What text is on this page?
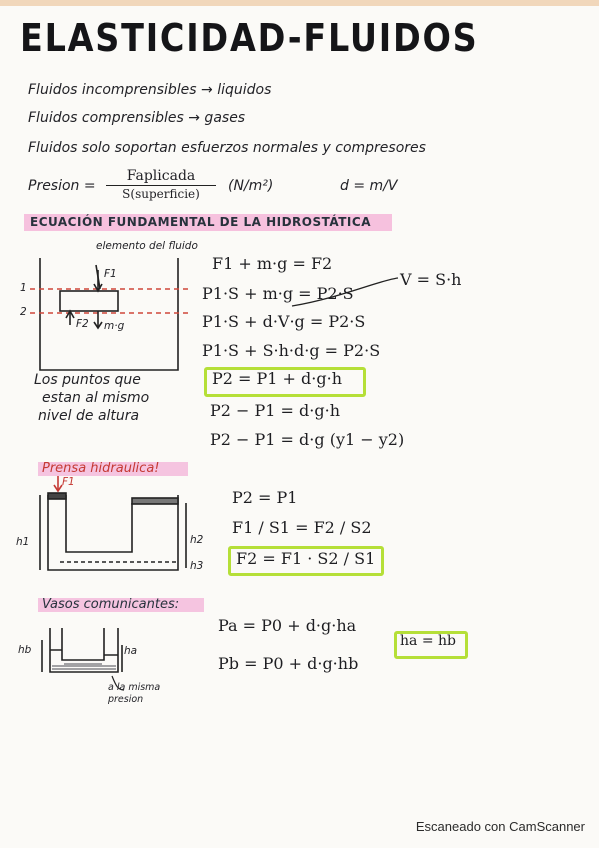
ELASTICIDAD-FLUIDOS
Fluidos incomprensibles → liquidos
Fluidos comprensibles → gases
Fluidos solo soportan esfuerzos normales y compresores
Presion =
Faplicada
S(superficie)	(N/m²)	d = m/V
ECUACIÓN FUNDAMENTAL DE LA HIDROSTÁTICA
elemento del fluido
F1
F2 m·g
1
2
Los puntos que
estan al mismo
nivel de altura
F1 + m·g = F2
P1·S + m·g = P2·S
V = S·h
P1·S + d·V·g = P2·S
P1·S + S·h·d·g = P2·S
P2 = P1 + d·g·h
P2 − P1 = d·g·h
P2 − P1 = d·g (y1 − y2)
Prensa hidraulica!
F1
h1	h2
h3
P2 = P1
F1 / S1 = F2 / S2
F2 = F1 · S2 / S1
Vasos comunicantes:
hb	ha
a la misma presion
Pa = P0 + d·g·ha
Pb = P0 + d·g·hb
ha = hb
Escaneado con CamScanner
